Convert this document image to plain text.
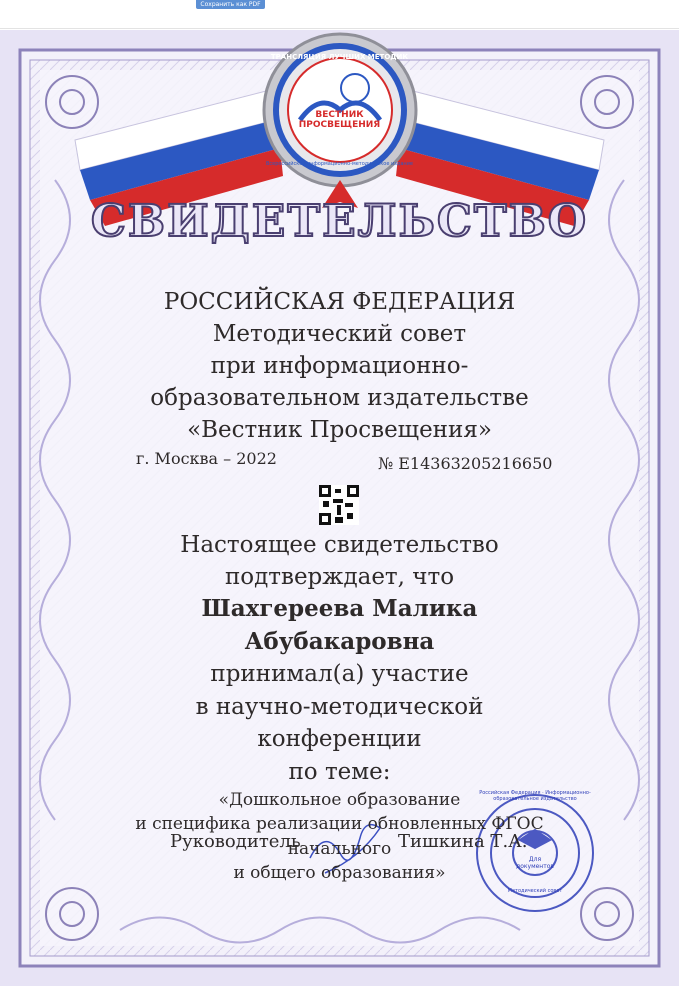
Сохранить как PDF
ВЕСТНИК
ПРОСВЕЩЕНИЯ
ТРАНСЛЯЦИЯ ЛУЧШИХ МЕТОДИК
Всероссийское информационно-методическое издание
СВИДЕТЕЛЬСТВО
РОССИЙСКАЯ ФЕДЕРАЦИЯ
Методический совет
при информационно-
образовательном издательстве
«Вестник Просвещения»
г. Москва – 2022	№ E14363205216650
Настоящее свидетельство
подтверждает, что
Шахгереева Малика
Абубакаровна
принимал(а) участие
в научно-методической
конференции
по теме:
«Дошкольное образование
и специфика реализации обновленных ФГОС
Руководитель	Тишкина Т.А.
начального
и общего образования»
Российская Федерация · Информационно-образовательное издательство
Для документов
Методический совет
